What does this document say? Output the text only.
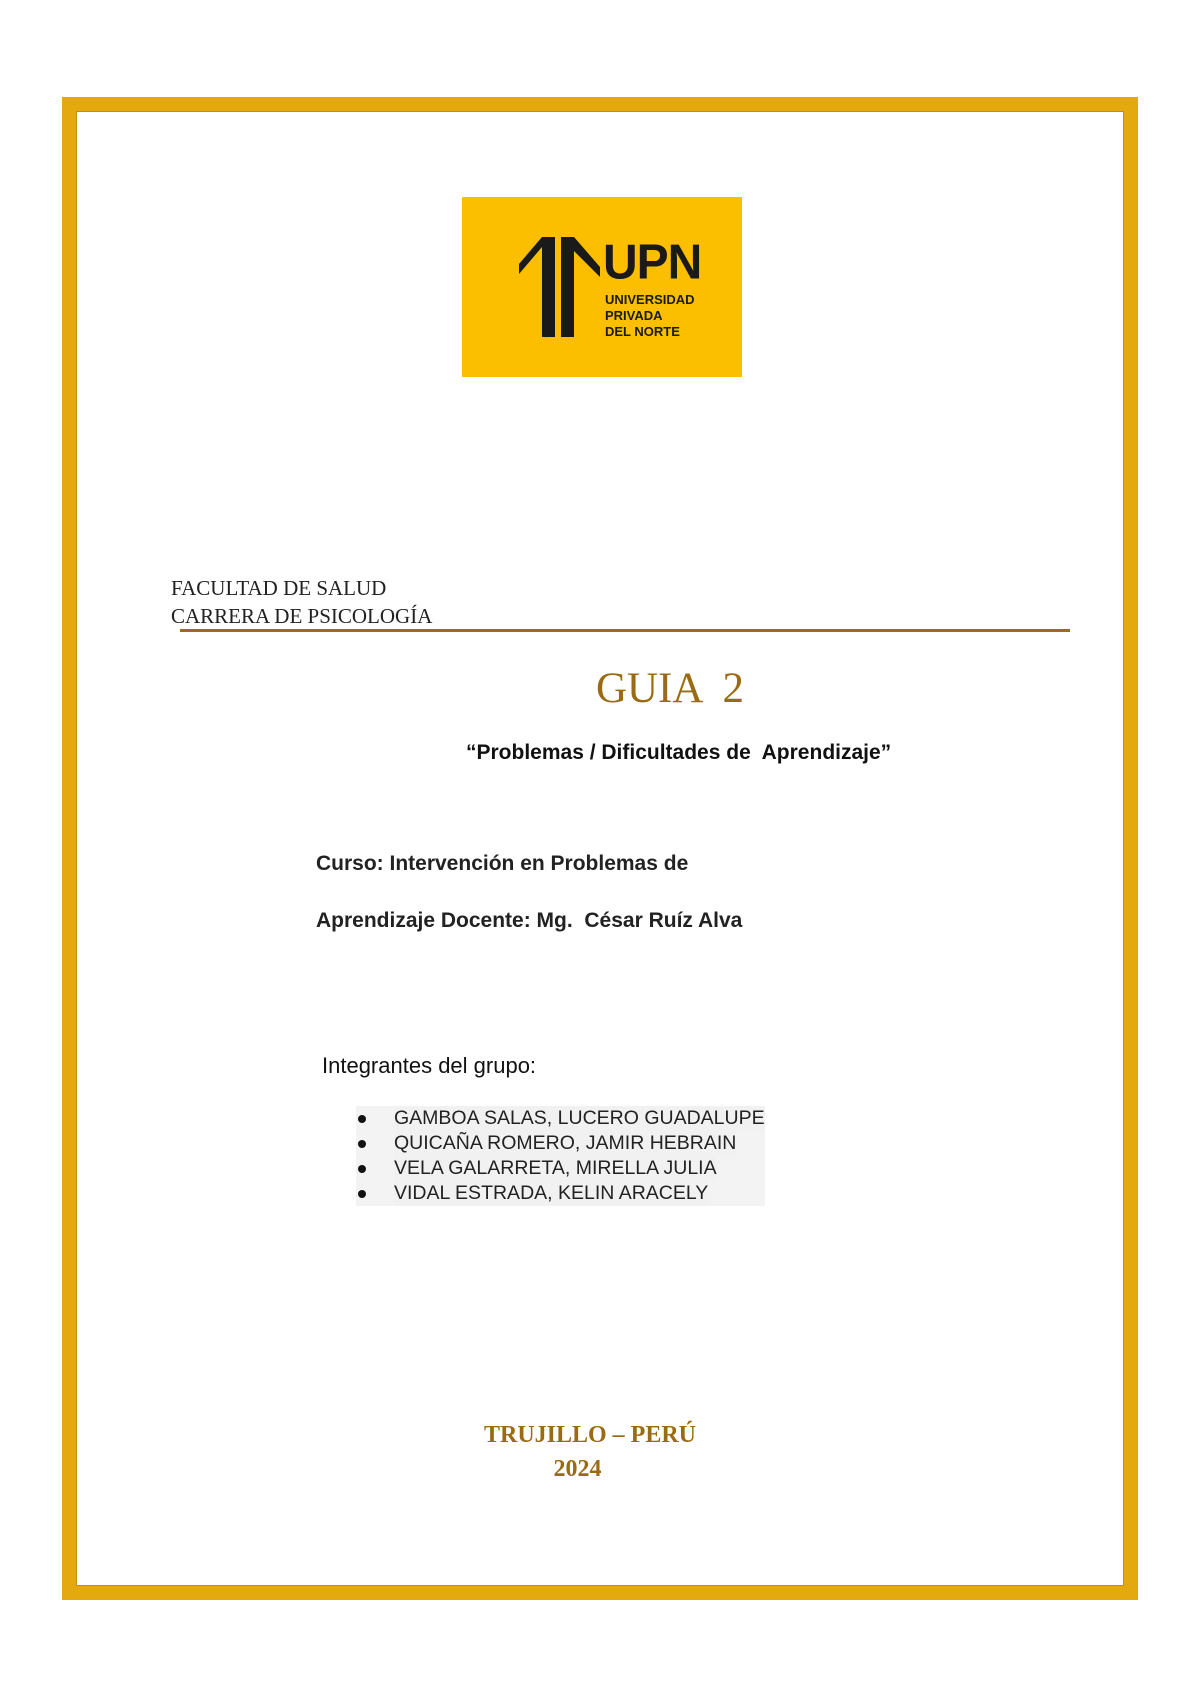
UPN
UNIVERSIDAD
PRIVADA
DEL NORTE
FACULTAD DE SALUD
CARRERA DE PSICOLOGÍA
GUIA  2
“Problemas / Dificultades de  Aprendizaje”
Curso: Intervención en Problemas de
Aprendizaje Docente: Mg.  César Ruíz Alva
Integrantes del grupo:
GAMBOA SALAS, LUCERO GUADALUPE
QUICAÑA ROMERO, JAMIR HEBRAIN
VELA GALARRETA, MIRELLA JULIA
VIDAL ESTRADA, KELIN ARACELY
TRUJILLO – PERÚ
2024
